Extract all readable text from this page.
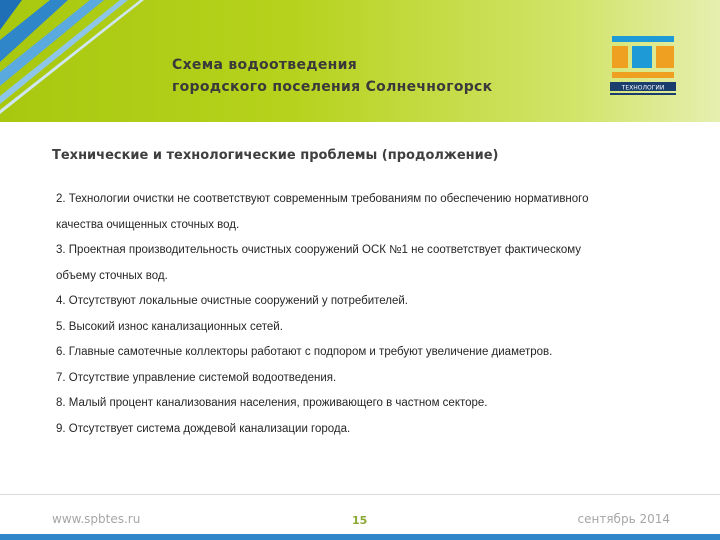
Схема водоотведения
городского поселения Солнечногорск	ТЕХНОЛОГИИ
Технические и технологические проблемы (продолжение)

2. Технологии очистки не соответствуют современным требованиям по обеспечению нормативного

качества очищенных сточных вод.

3. Проектная производительность очистных сооружений ОСК №1 не соответствует фактическому

объему сточных вод.

4. Отсутствуют локальные очистные сооружений у потребителей.

5. Высокий износ канализационных сетей.

6. Главные самотечные коллекторы работают с подпором и требуют увеличение диаметров.

7. Отсутствие управление системой водоотведения.

8. Малый процент канализования населения, проживающего в частном секторе.

9. Отсутствует система дождевой канализации города.

www.spbtes.ru	15	сентябрь 2014
